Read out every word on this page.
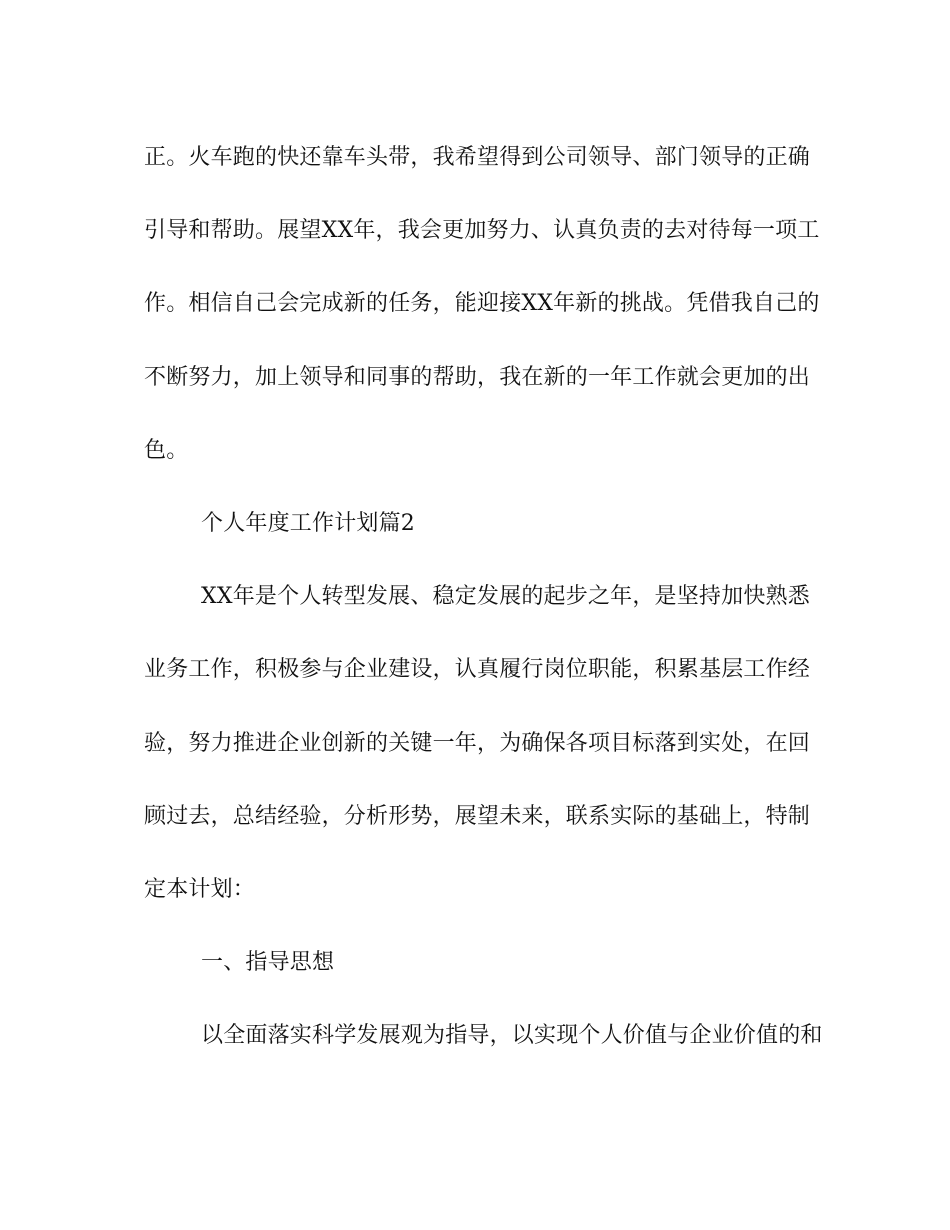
正。火车跑的快还靠车头带，我希望得到公司领导、部门领导的正确
引导和帮助。展望XX年，我会更加努力、认真负责的去对待每一项工
作。相信自己会完成新的任务，能迎接XX年新的挑战。凭借我自己的
不断努力，加上领导和同事的帮助，我在新的一年工作就会更加的出
色。
个人年度工作计划篇2
XX年是个人转型发展、稳定发展的起步之年，是坚持加快熟悉
业务工作，积极参与企业建设，认真履行岗位职能，积累基层工作经
验，努力推进企业创新的关键一年，为确保各项目标落到实处，在回
顾过去，总结经验，分析形势，展望未来，联系实际的基础上，特制
定本计划：
一、指导思想
以全面落实科学发展观为指导，以实现个人价值与企业价值的和
